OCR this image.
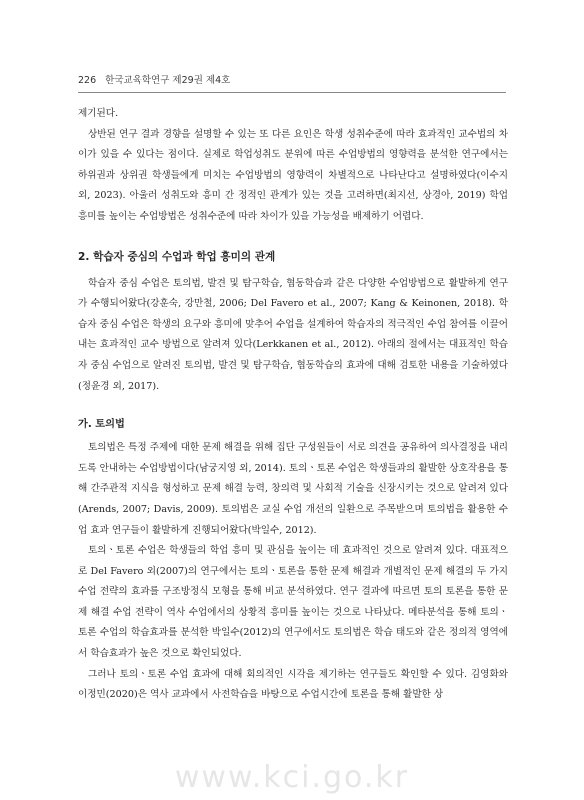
226 한국교육학연구 제29권 제4호

제기된다.

상반된 연구 결과 경향을 설명할 수 있는 또 다른 요인은 학생 성취수준에 따라 효과적인 교수법의 차이가 있을 수 있다는 점이다. 실제로 학업성취도 분위에 따른 수업방법의 영향력을 분석한 연구에서는 하위권과 상위권 학생들에게 미치는 수업방법의 영향력이 차별적으로 나타난다고 설명하였다(이수지 외, 2023). 아울러 성취도와 흥미 간 정적인 관계가 있는 것을 고려하면(최지선, 상경아, 2019) 학업 흥미를 높이는 수업방법은 성취수준에 따라 차이가 있을 가능성을 배제하기 어렵다.

2. 학습자 중심의 수업과 학업 흥미의 관계

학습자 중심 수업은 토의법, 발견 및 탐구학습, 협동학습과 같은 다양한 수업방법으로 활발하게 연구가 수행되어왔다(강훈숙, 강만철, 2006; Del Favero et al., 2007; Kang & Keinonen, 2018). 학습자 중심 수업은 학생의 요구와 흥미에 맞추어 수업을 설계하여 학습자의 적극적인 수업 참여를 이끌어내는 효과적인 교수 방법으로 알려져 있다(Lerkkanen et al., 2012). 아래의 절에서는 대표적인 학습자 중심 수업으로 알려진 토의법, 발견 및 탐구학습, 협동학습의 효과에 대해 검토한 내용을 기술하였다(정윤경 외, 2017).

가. 토의법

토의법은 특정 주제에 대한 문제 해결을 위해 집단 구성원들이 서로 의견을 공유하여 의사결정을 내리도록 안내하는 수업방법이다(남궁지영 외, 2014). 토의ㆍ토론 수업은 학생들과의 활발한 상호작용을 통해 간주관적 지식을 형성하고 문제 해결 능력, 창의력 및 사회적 기술을 신장시키는 것으로 알려져 있다(Arends, 2007; Davis, 2009). 토의법은 교실 수업 개선의 일환으로 주목받으며 토의법을 활용한 수업 효과 연구들이 활발하게 진행되어왔다(박일수, 2012).

토의ㆍ토론 수업은 학생들의 학업 흥미 및 관심을 높이는 데 효과적인 것으로 알려져 있다. 대표적으로 Del Favero 외(2007)의 연구에서는 토의ㆍ토론을 통한 문제 해결과 개별적인 문제 해결의 두 가지 수업 전략의 효과를 구조방정식 모형을 통해 비교 분석하였다. 연구 결과에 따르면 토의 토론을 통한 문제 해결 수업 전략이 역사 수업에서의 상황적 흥미를 높이는 것으로 나타났다. 메타분석을 통해 토의ㆍ토론 수업의 학습효과를 분석한 박일수(2012)의 연구에서도 토의법은 학습 태도와 같은 정의적 영역에서 학습효과가 높은 것으로 확인되었다.

그러나 토의ㆍ토론 수업 효과에 대해 회의적인 시각을 제기하는 연구들도 확인할 수 있다. 김영화와 이정민(2020)은 역사 교과에서 사전학습을 바탕으로 수업시간에 토론을 통해 활발한 상

www.kci.go.kr
